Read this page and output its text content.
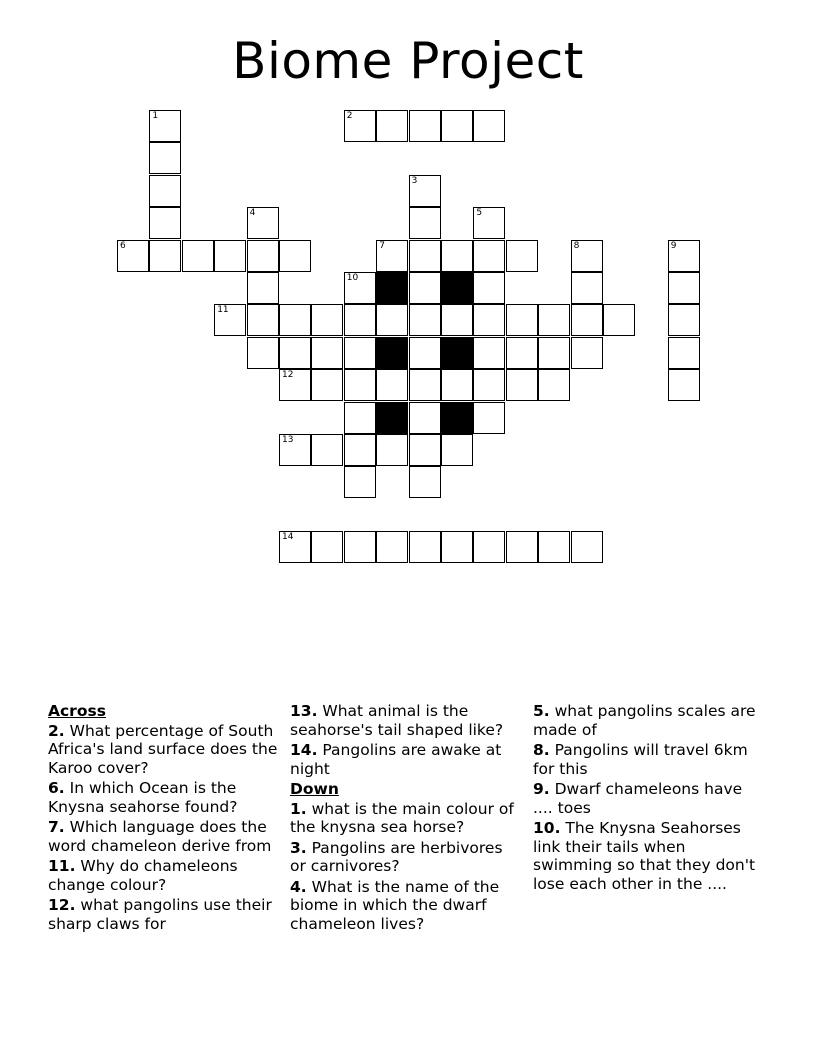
Biome Project
1	2
3
4	5
6	7	8	9
10
11
12
13
14
Across
2. What percentage of South Africa's land surface does the Karoo cover?
6. In which Ocean is the Knysna seahorse found?
7. Which language does the word chameleon derive from
11. Why do chameleons change colour?
12. what pangolins use their sharp claws for
13. What animal is the seahorse's tail shaped like?
14. Pangolins are awake at night
Down
1. what is the main colour of the knysna sea horse?
3. Pangolins are herbivores or carnivores?
4. What is the name of the biome in which the dwarf chameleon lives?
5. what pangolins scales are made of
8. Pangolins will travel 6km for this
9. Dwarf chameleons have .... toes
10. The Knysna Seahorses link their tails when swimming so that they don't lose each other in the ....
